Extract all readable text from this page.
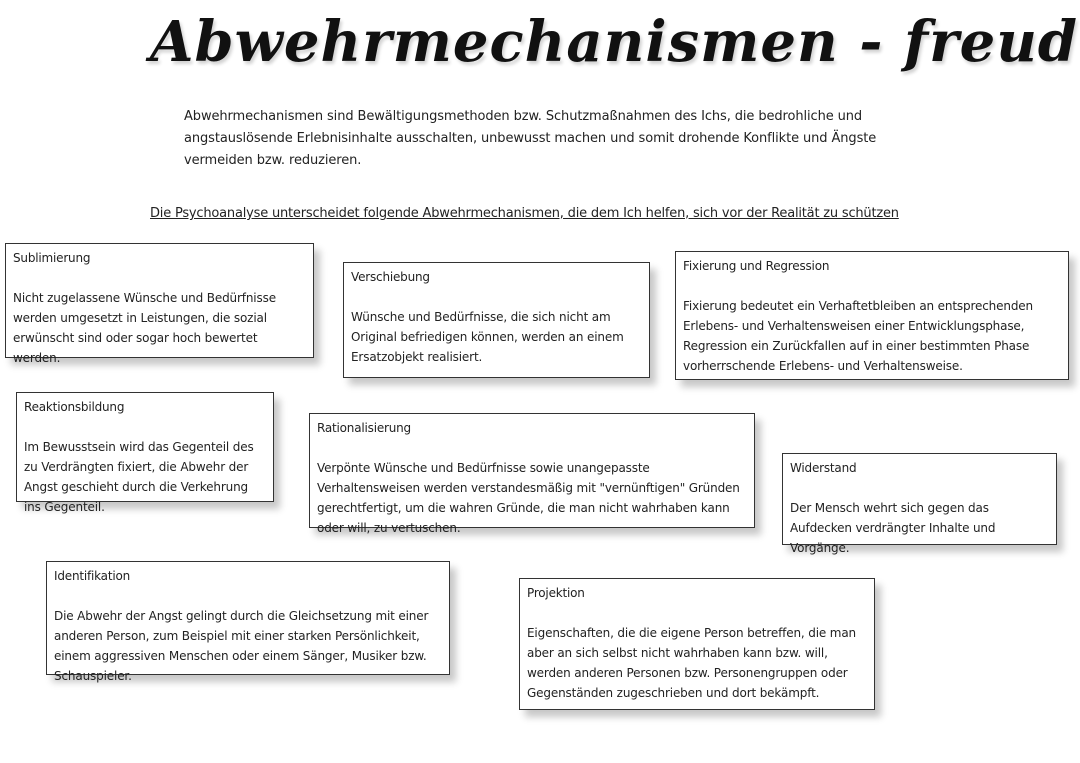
Abwehrmechanismen - freud

Abwehrmechanismen sind Bewältigungsmethoden bzw. Schutzmaßnahmen des Ichs, die bedrohliche und angstauslösende Erlebnisinhalte ausschalten, unbewusst machen und somit drohende Konflikte und Ängste vermeiden bzw. reduzieren.

Die Psychoanalyse unterscheidet folgende Abwehrmechanismen, die dem Ich helfen, sich vor der Realität zu schützen
Sublimierung

Nicht zugelassene Wünsche und Bedürfnisse werden umgesetzt in Leistungen, die sozial erwünscht sind oder sogar hoch bewertet werden.

Verschiebung

Wünsche und Bedürfnisse, die sich nicht am Original befriedigen können, werden an einem Ersatzobjekt realisiert.

Fixierung und Regression

Fixierung bedeutet ein Verhaftetbleiben an entsprechenden Erlebens- und Verhaltensweisen einer Entwicklungsphase, Regression ein Zurückfallen auf in einer bestimmten Phase vorherrschende Erlebens- und Verhaltensweise.

Reaktionsbildung

Im Bewusstsein wird das Gegenteil des zu Verdrängten fixiert, die Abwehr der Angst geschieht durch die Verkehrung ins Gegenteil.

Rationalisierung

Verpönte Wünsche und Bedürfnisse sowie unangepasste Verhaltensweisen werden verstandesmäßig mit "vernünftigen" Gründen gerechtfertigt, um die wahren Gründe, die man nicht wahrhaben kann oder will, zu vertuschen.

Widerstand

Der Mensch wehrt sich gegen das Aufdecken verdrängter Inhalte und Vorgänge.

Identifikation

Die Abwehr der Angst gelingt durch die Gleichsetzung mit einer anderen Person, zum Beispiel mit einer starken Persönlichkeit, einem aggressiven Menschen oder einem Sänger, Musiker bzw. Schauspieler.

Projektion

Eigenschaften, die die eigene Person betreffen, die man aber an sich selbst nicht wahrhaben kann bzw. will, werden anderen Personen bzw. Personengruppen oder Gegenständen zugeschrieben und dort bekämpft.
